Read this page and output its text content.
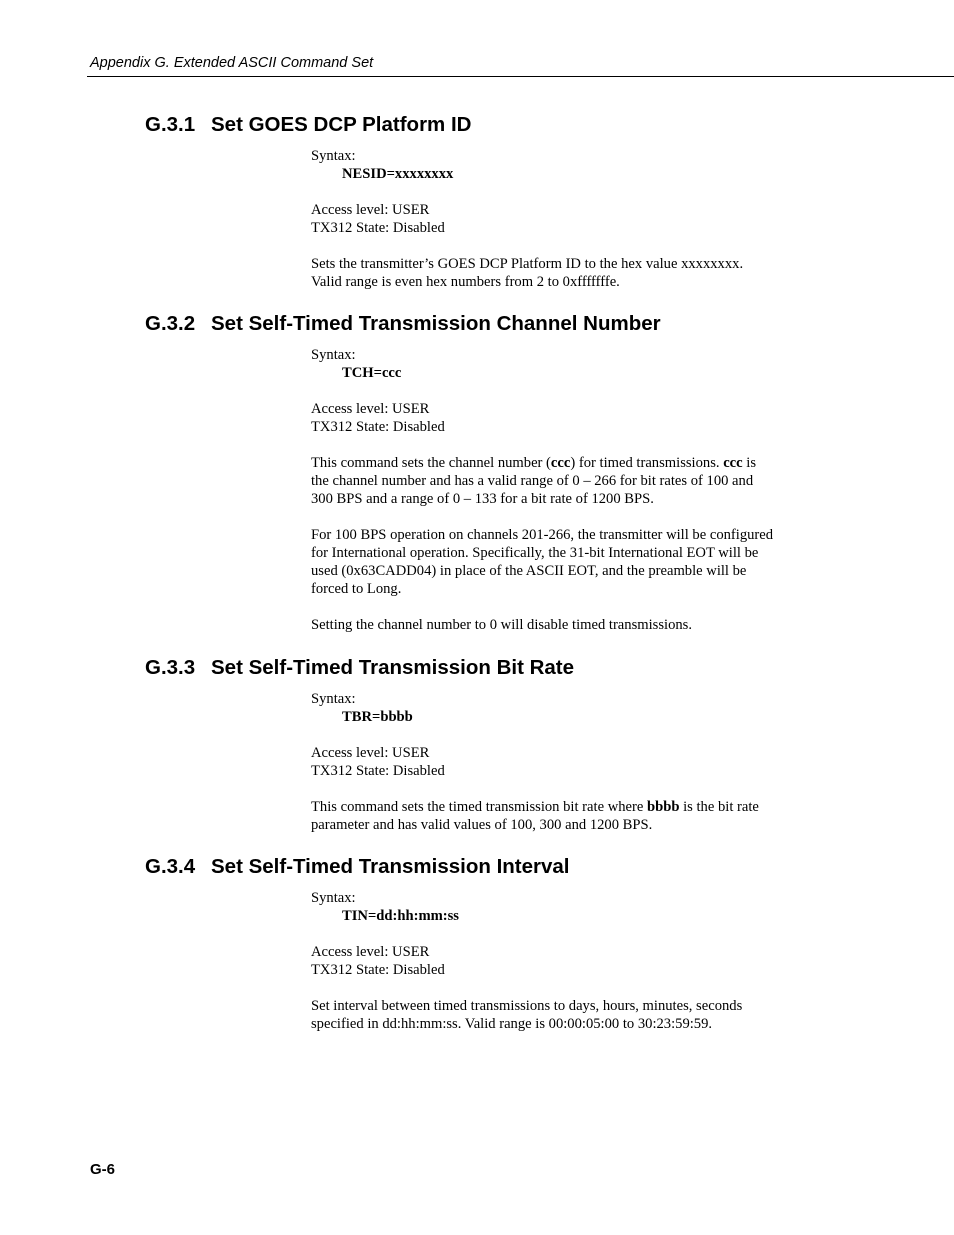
Appendix G. Extended ASCII Command Set
G.3.1 Set GOES DCP Platform ID

Syntax:

NESID=xxxxxxxx

Access level: USER

TX312 State: Disabled

Sets the transmitter’s GOES DCP Platform ID to the hex value xxxxxxxx.

Valid range is even hex numbers from 2 to 0xfffffffe.

G.3.2 Set Self-Timed Transmission Channel Number

Syntax:

TCH=ccc

Access level: USER

TX312 State: Disabled

This command sets the channel number (ccc) for timed transmissions. ccc is

the channel number and has a valid range of 0 – 266 for bit rates of 100 and

300 BPS and a range of 0 – 133 for a bit rate of 1200 BPS.

For 100 BPS operation on channels 201-266, the transmitter will be configured

for International operation. Specifically, the 31-bit International EOT will be

used (0x63CADD04) in place of the ASCII EOT, and the preamble will be

forced to Long.

Setting the channel number to 0 will disable timed transmissions.

G.3.3 Set Self-Timed Transmission Bit Rate

Syntax:

TBR=bbbb

Access level: USER

TX312 State: Disabled

This command sets the timed transmission bit rate where bbbb is the bit rate

parameter and has valid values of 100, 300 and 1200 BPS.

G.3.4 Set Self-Timed Transmission Interval

Syntax:

TIN=dd:hh:mm:ss

Access level: USER

TX312 State: Disabled

Set interval between timed transmissions to days, hours, minutes, seconds

specified in dd:hh:mm:ss. Valid range is 00:00:05:00 to 30:23:59:59.

G-6
